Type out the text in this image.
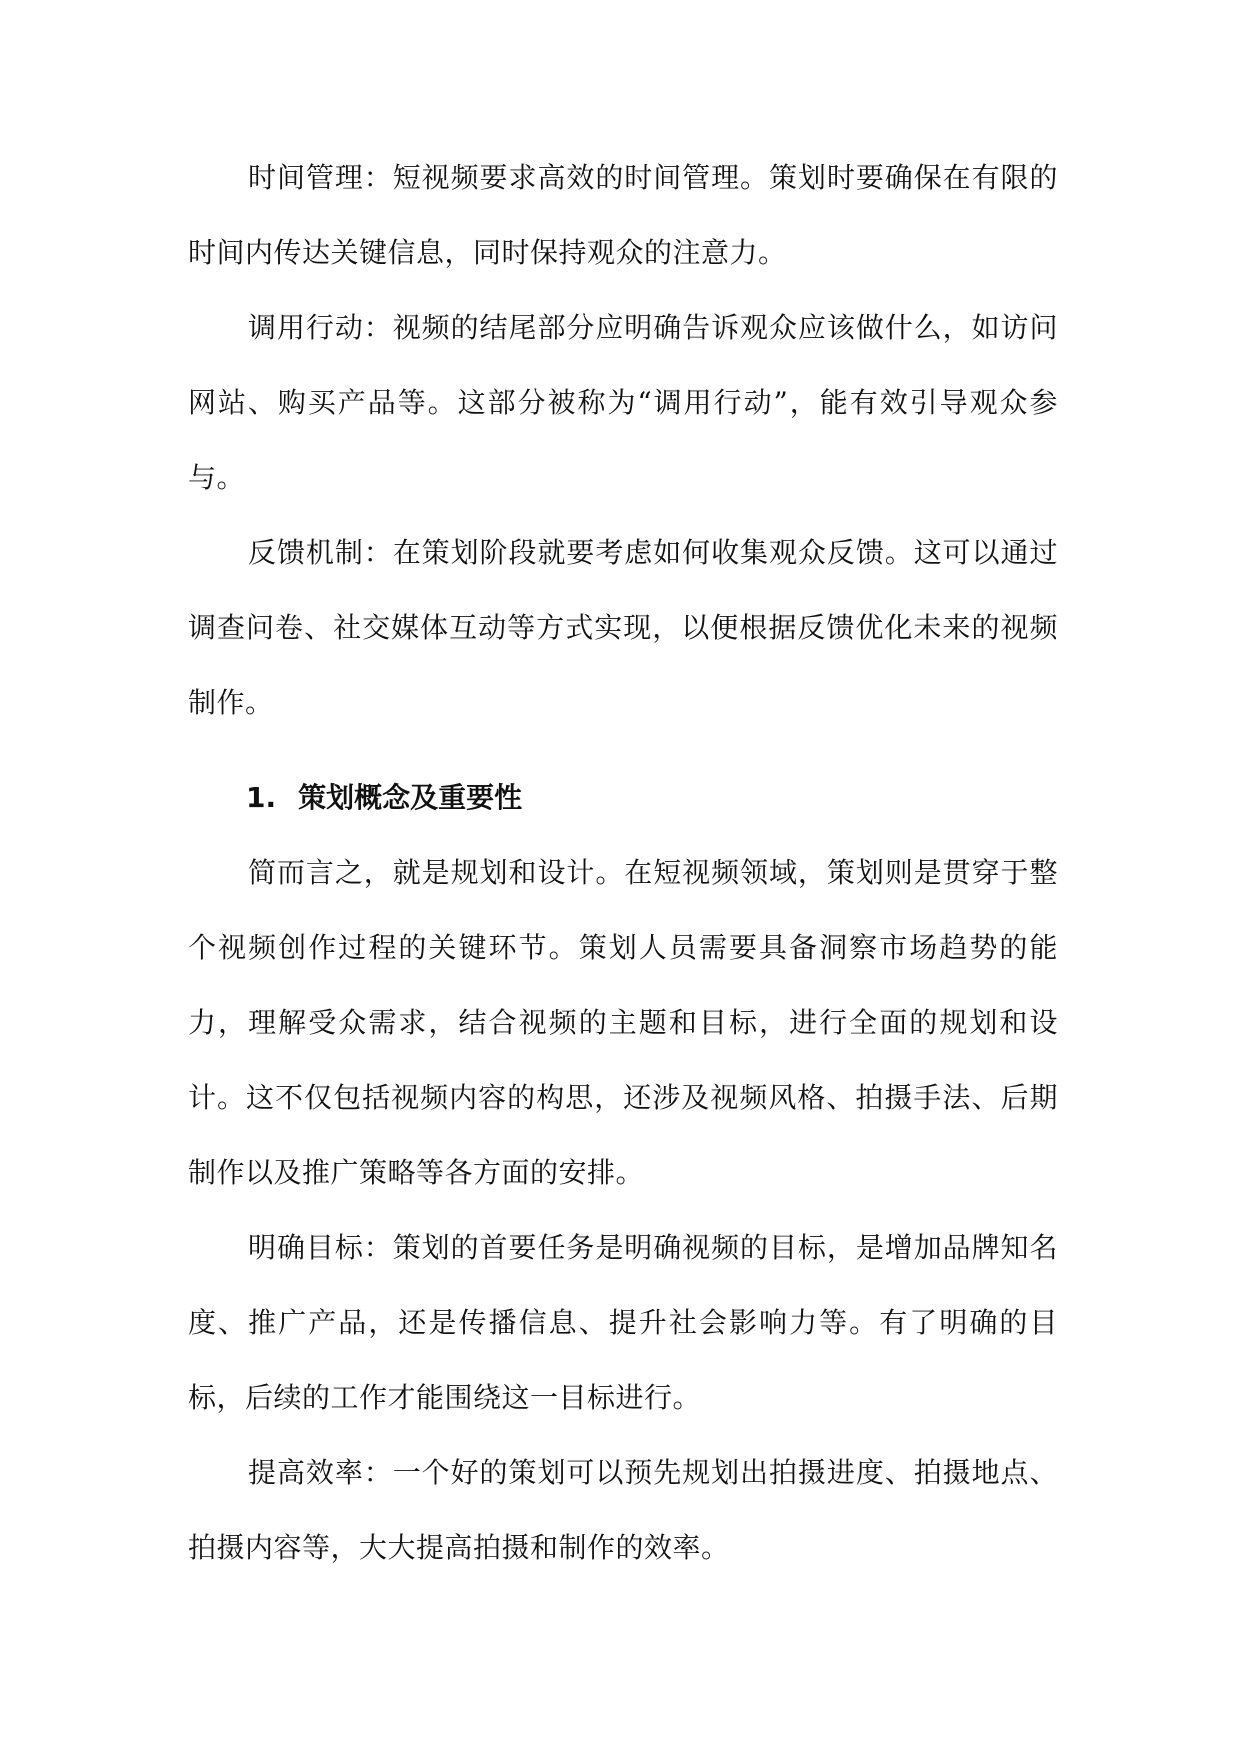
时间管理：短视频要求高效的时间管理。策划时要确保在有限的时间内传达关键信息，同时保持观众的注意力。

调用行动：视频的结尾部分应明确告诉观众应该做什么，如访问网站、购买产品等。这部分被称为“调用行动”，能有效引导观众参与。

反馈机制：在策划阶段就要考虑如何收集观众反馈。这可以通过调查问卷、社交媒体互动等方式实现，以便根据反馈优化未来的视频制作。

1. 策划概念及重要性

简而言之，就是规划和设计。在短视频领域，策划则是贯穿于整个视频创作过程的关键环节。策划人员需要具备洞察市场趋势的能力，理解受众需求，结合视频的主题和目标，进行全面的规划和设计。这不仅包括视频内容的构思，还涉及视频风格、拍摄手法、后期制作以及推广策略等各方面的安排。

明确目标：策划的首要任务是明确视频的目标，是增加品牌知名度、推广产品，还是传播信息、提升社会影响力等。有了明确的目标，后续的工作才能围绕这一目标进行。

提高效率：一个好的策划可以预先规划出拍摄进度、拍摄地点、拍摄内容等，大大提高拍摄和制作的效率。
